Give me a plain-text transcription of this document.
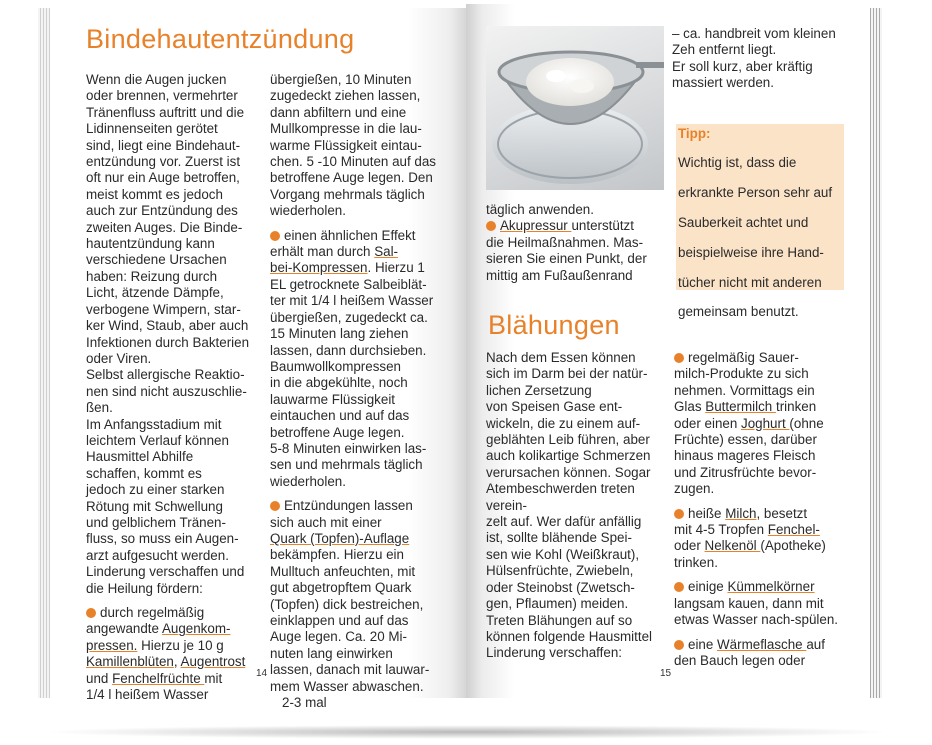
Bindehautentzündung

Wenn die Augen jucken

oder brennen, vermehrter

Tränenfluss auftritt und die

Lidinnenseiten gerötet

sind, liegt eine Bindehaut-

entzündung vor. Zuerst ist

oft nur ein Auge betroffen,

meist kommt es jedoch

auch zur Entzündung des

zweiten Auges. Die Binde-

hautentzündung kann

verschiedene Ursachen

haben: Reizung durch

Licht, ätzende Dämpfe,

verbogene Wimpern, star-

ker Wind, Staub, aber auch

Infektionen durch Bakterien

oder Viren.

Selbst allergische Reaktio-

nen sind nicht auszuschlie-

ßen.

Im Anfangsstadium mit

leichtem Verlauf können

Hausmittel Abhilfe

schaffen, kommt es

jedoch zu einer starken

Rötung mit Schwellung

und gelblichem Tränen-

fluss, so muss ein Augen-

arzt aufgesucht werden.

Linderung verschaffen und

die Heilung fördern:

durch regelmäßig

angewandte Augenkom-

pressen. Hierzu je 10 g

Kamillenblüten, Augentrost

und Fenchelfrüchte mit

1/4 l heißem Wasser

übergießen, 10 Minuten

zugedeckt ziehen lassen,

dann abfiltern und eine

Mullkompresse in die lau-

warme Flüssigkeit eintau-

chen. 5 -10 Minuten auf das

betroffene Auge legen. Den

Vorgang mehrmals täglich

wiederholen.

einen ähnlichen Effekt

erhält man durch Sal-

bei-Kompressen. Hierzu 1

EL getrocknete Salbeiblät-

ter mit 1/4 l heißem Wasser

übergießen, zugedeckt ca.

15 Minuten lang ziehen

lassen, dann durchsieben.

Baumwollkompressen

in die abgekühlte, noch

lauwarme Flüssigkeit

eintauchen und auf das

betroffene Auge legen.

5-8 Minuten einwirken las-

sen und mehrmals täglich

wiederholen.

Entzündungen lassen

sich auch mit einer

Quark (Topfen)-Auflage

bekämpfen. Hierzu ein

Mulltuch anfeuchten, mit

gut abgetropftem Quark

(Topfen) dick bestreichen,

einklappen und auf das

Auge legen. Ca. 20 Mi-

nuten lang einwirken

lassen, danach mit lauwar-

mem Wasser abwaschen.

2-3 mal

14

täglich anwenden.

Akupressur unterstützt

die Heilmaßnahmen. Mas-

sieren Sie einen Punkt, der

mittig am Fußaußenrand

– ca. handbreit vom kleinen

Zeh entfernt liegt.

Er soll kurz, aber kräftig

massiert werden.

Tipp:

Wichtig ist, dass die

erkrankte Person sehr auf

Sauberkeit achtet und

beispielweise ihre Hand-

tücher nicht mit anderen

gemeinsam benutzt.

Blähungen

Nach dem Essen können

sich im Darm bei der natür-

lichen Zersetzung

von Speisen Gase ent-

wickeln, die zu einem auf-

geblähten Leib führen, aber

auch kolikartige Schmerzen

verursachen können. Sogar

Atembeschwerden treten

verein-

zelt auf. Wer dafür anfällig

ist, sollte blähende Spei-

sen wie Kohl (Weißkraut),

Hülsenfrüchte, Zwiebeln,

oder Steinobst (Zwetsch-

gen, Pflaumen) meiden.

Treten Blähungen auf so

können folgende Hausmittel

Linderung verschaffen:

regelmäßig Sauer-

milch-Produkte zu sich

nehmen. Vormittags ein

Glas Buttermilch trinken

oder einen Joghurt (ohne

Früchte) essen, darüber

hinaus mageres Fleisch

und Zitrusfrüchte bevor-

zugen.

heiße Milch, besetzt

mit 4-5 Tropfen Fenchel-

oder Nelkenöl (Apotheke)

trinken.

einige Kümmelkörner

langsam kauen, dann mit

etwas Wasser nach-spülen.

eine Wärmeflasche auf

den Bauch legen oder

15
